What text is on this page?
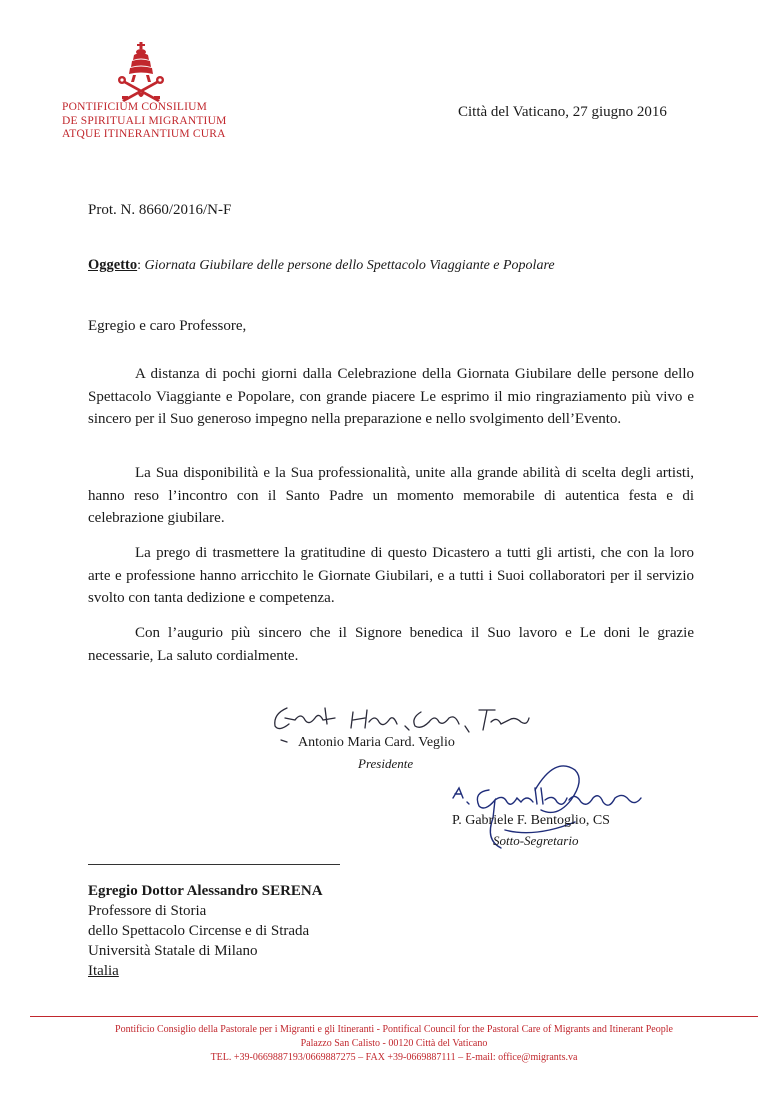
PONTIFICIUM CONSILIUM
DE SPIRITUALI MIGRANTIUM
ATQUE ITINERANTIUM CURA
Città del Vaticano, 27 giugno 2016
Prot. N. 8660/2016/N-F
Oggetto: Giornata Giubilare delle persone dello Spettacolo Viaggiante e Popolare
Egregio e caro Professore,

A distanza di pochi giorni dalla Celebrazione della Giornata Giubilare delle persone dello Spettacolo Viaggiante e Popolare, con grande piacere Le esprimo il mio ringraziamento più vivo e sincero per il Suo generoso impegno nella preparazione e nello svolgimento dell’Evento.

La Sua disponibilità e la Sua professionalità, unite alla grande abilità di scelta degli artisti, hanno reso l’incontro con il Santo Padre un momento memorabile di autentica festa e di celebrazione giubilare.

La prego di trasmettere la gratitudine di questo Dicastero a tutti gli artisti, che con la loro arte e professione hanno arricchito le Giornate Giubilari, e a tutti i Suoi collaboratori per il servizio svolto con tanta dedizione e competenza.

Con l’augurio più sincero che il Signore benedica il Suo lavoro e Le doni le grazie necessarie, La saluto cordialmente.

Antonio Maria Card. Veglio
Presidente
P. Gabriele F. Bentoglio, CS
Sotto-Segretario
Egregio Dottor Alessandro SERENA
Professore di Storia
dello Spettacolo Circense e di Strada
Università Statale di Milano
Italia
Pontificio Consiglio della Pastorale per i Migranti e gli Itineranti - Pontifical Council for the Pastoral Care of Migrants and Itinerant People
Palazzo San Calisto - 00120 Città del Vaticano
TEL. +39-0669887193/0669887275 – FAX +39-0669887111 – E-mail: office@migrants.va
